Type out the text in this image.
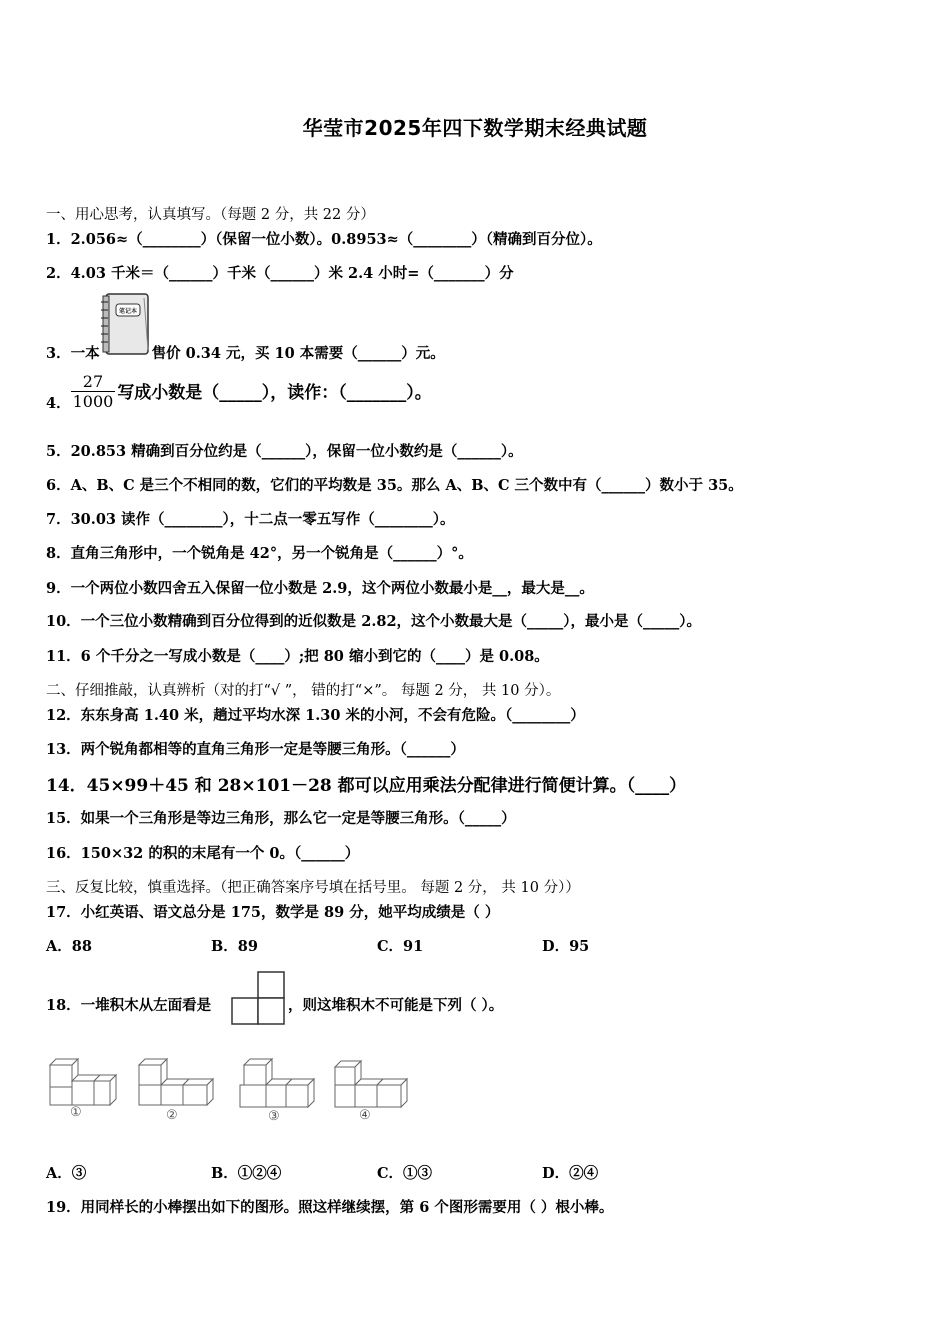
华莹市2025年四下数学期末经典试题
一、用心思考，认真填写。（每题 2 分，共 22 分）
1．2.056≈（________）（保留一位小数）。0.8953≈（________）（精确到百分位）。
2．4.03 千米＝（______）千米（______）米 2.4 小时=（_______）分
3．一本
笔记本
售价 0.34 元，买 10 本需要（______）元。
4． $\frac{27}{1000}$ 写成小数是（_____），读作：（_______）。
5．20.853 精确到百分位约是（______），保留一位小数约是（______）。
6．A、B、C 是三个不相同的数，它们的平均数是 35。那么 A、B、C 三个数中有（______）数小于 35。
7．30.03 读作（________），十二点一零五写作（________）。
8．直角三角形中，一个锐角是 42°，另一个锐角是（______）°。
9．一个两位小数四舍五入保留一位小数是 2.9，这个两位小数最小是__，最大是__。
10．一个三位小数精确到百分位得到的近似数是 2.82，这个小数最大是（_____），最小是（_____）。
11．6 个千分之一写成小数是（____）;把 80 缩小到它的（____）是 0.08。
二、仔细推敲，认真辨析（对的打“√ ”， 错的打“×”。 每题 2 分， 共 10 分）。
12．东东身高 1.40 米，趟过平均水深 1.30 米的小河，不会有危险。（________）
13．两个锐角都相等的直角三角形一定是等腰三角形。（______）
14．45×99＋45 和 28×101－28 都可以应用乘法分配律进行简便计算。（____）
15．如果一个三角形是等边三角形，那么它一定是等腰三角形。（_____）
16．150×32 的积的末尾有一个 0。（______）
三、反复比较，慎重选择。（把正确答案序号填在括号里。 每题 2 分， 共 10 分））
17．小红英语、语文总分是 175，数学是 89 分，她平均成绩是（ ）
A．88	B．89	C．91	D．95
18．一堆积木从左面看是	，则这堆积木不可能是下列（ ）。
①	②	③	④
A．③	B．①②④	C．①③	D．②④
19．用同样长的小棒摆出如下的图形。照这样继续摆，第 6 个图形需要用（ ）根小棒。
